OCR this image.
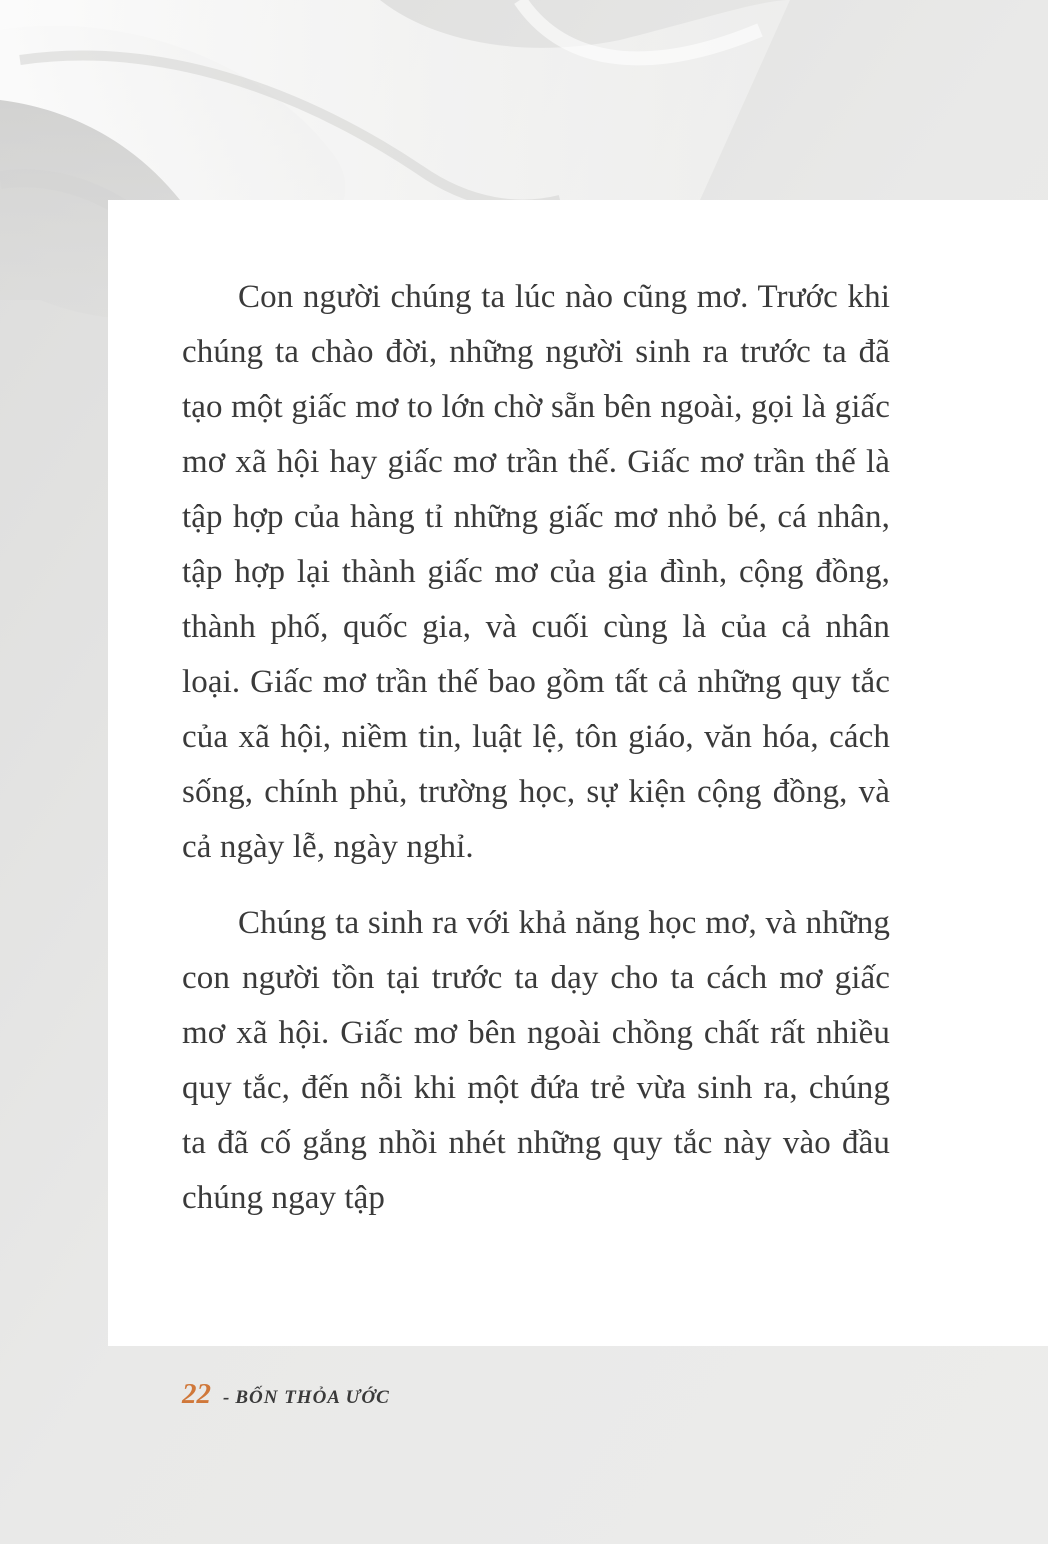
Con người chúng ta lúc nào cũng mơ. Trước khi chúng ta chào đời, những người sinh ra trước ta đã tạo một giấc mơ to lớn chờ sẵn bên ngoài, gọi là giấc mơ xã hội hay giấc mơ trần thế. Giấc mơ trần thế là tập hợp của hàng tỉ những giấc mơ nhỏ bé, cá nhân, tập hợp lại thành giấc mơ của gia đình, cộng đồng, thành phố, quốc gia, và cuối cùng là của cả nhân loại. Giấc mơ trần thế bao gồm tất cả những quy tắc của xã hội, niềm tin, luật lệ, tôn giáo, văn hóa, cách sống, chính phủ, trường học, sự kiện cộng đồng, và cả ngày lễ, ngày nghỉ.

Chúng ta sinh ra với khả năng học mơ, và những con người tồn tại trước ta dạy cho ta cách mơ giấc mơ xã hội. Giấc mơ bên ngoài chồng chất rất nhiều quy tắc, đến nỗi khi một đứa trẻ vừa sinh ra, chúng ta đã cố gắng nhồi nhét những quy tắc này vào đầu chúng ngay tập

22 - BỐN THỎA ƯỚC
